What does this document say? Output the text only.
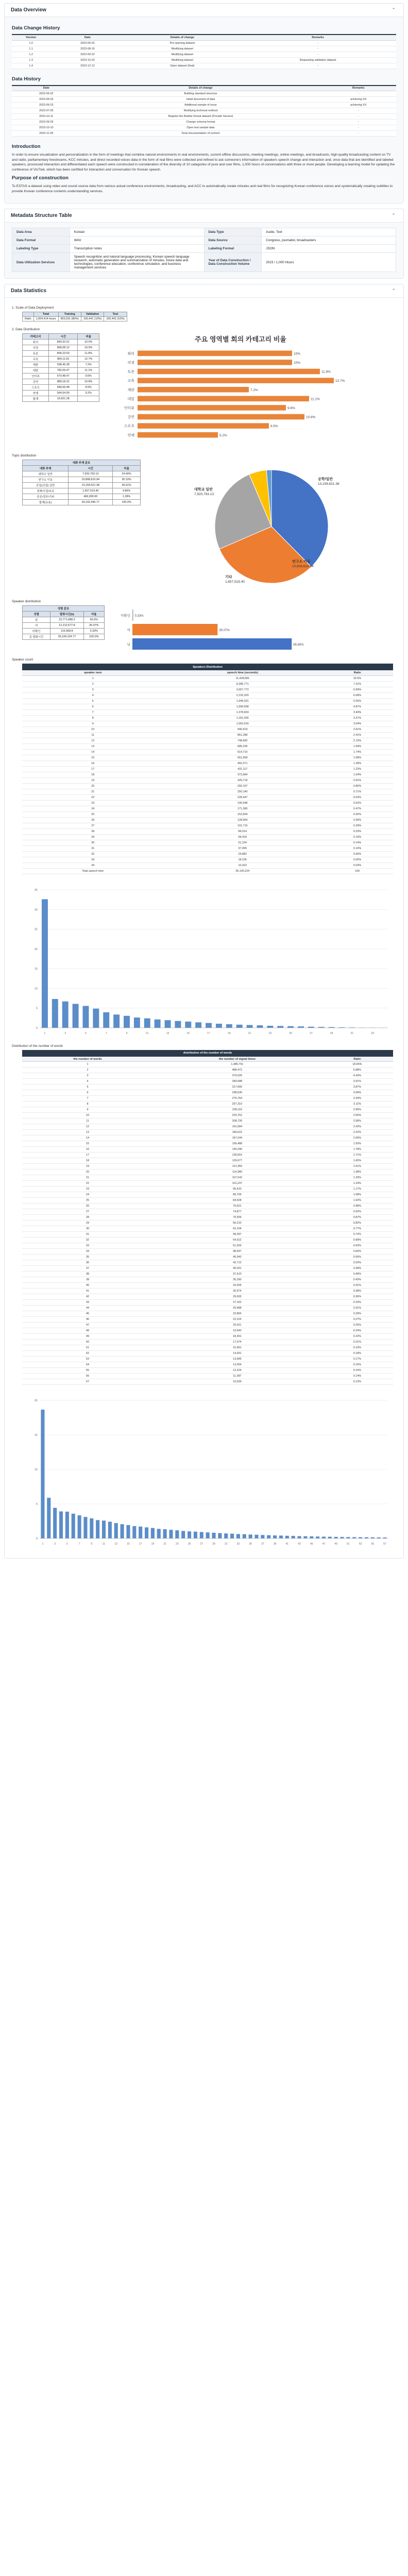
Data Overview	⌃
Data Change History
Version	Date	Details of change	Remarks
1.0	2023-05-02	Pre-opening dataset	-
1.1	2023-08-16	Modifying dataset	-
1.2	2023-09-22	Modifying dataset	-
1.3	2023-10-20	Modifying dataset	Requesting validation dataset
1.4	2023-12-12	Open dataset (final)	-
Data History
Date	Details of change	Remarks
2023-05-02	Building standard structure	-
2023-05-03	Initial document of data	achieving XX
2023-06-23	Additional sample of issue	achieving XX
2023-07-05	Modifying technical method	-
2023-10-11	Register the Bubble format dataset (Provide Service)	-
2023-09-29	Change schema format	-
2023-10-10	Open test sample data	-
2023-11-05	Final documentation of content	-
Introduction

In order to ensure visualization and personalization in the form of meetings that combine natural environments in real environments, current offline discussions, meeting meetings, online meetings, and broadcasts, high-quality broadcasting content on TV and radio, parliamentary livestreams, KCC minutes, and direct recorded voices data in the form of real films were collected and refined to ask someone's information of speakers speech change and interaction and, once data that are identified and labeled speakers, processed interaction and differentiated each speech were constructed in consideration of the diversity of 10 categories of pure and over films, 1,000 hours of conversations with three or more people. Developing a learning model for updating the conference of VisTrek, which has been certified for interaction and conversation for Korean speech.

Purpose of construction

To ESTAS a dataset using video and sound source data from various actual conference environments, broadcasting, and ACC to automatically create minutes and real films for recognizing Korean conference voices and systematically creating subtitles to provide Korean conference contents understanding services.

Metadata Structure Table	⌃
Data Area	Korean	Data Type	Audio, Text
Data Format	WAV	Data Source	Congress, journalist, broadcasters
Labeling Type	Transcription notes	Labeling Format	JSON
Data Utilization Services	Speech recognition and natural language processing, Korean speech language research, automatic generation and summarization of minutes, future data and technologies, conference education, conference simulation, and business management services	Year of Data Construction / Data Construction Volume	2023 / 1,000 Hours
Data Statistics	⌃
1. Scale of Data Deployment
	Total	Training	Validation	Test
Ratio	1,004,414 hours	803,531 (80%)	100,441 (10%)	100,442 (10%)
2. Data Distribution
카테고리	시간	비율
회의	840,32.01	10.0%
의정	899,08.12	10.0%
토론	804,23.53	11.8%
교육	864,11.81	12.7%
재판	538,45.28	7.2%
대담	782,09.47	11.1%
인터뷰	670,48.47	9.6%
강연	889,18.31	10.8%
스포츠	584,56.48	8.5%
연예	564,54.59	5.2%
합계	10,921.28	
주요 영역별 회의 카테고리 비율
회의	10%
의정	10%
토론	11.8%
교육	12.7%
재판	7.2%
대담	11.1%
인터뷰	9.6%
강연	10.8%
스포츠	8.5%
연예	5.2%
Topic distribution
대화 주제 분포		
대화 주제	시간	비율
대학교 일반	7,920,793.13	24.40%
연구소 이동	10,808,610.94	30.10%
공업(산업) 일반	13,159,621.38	36.61%
경제/사업/보유	1,657,519.40	4.86%
공공/정부/기타	466,090.00	1.39%
합계(유효)	34,102,946.77	100.0%
공학/일반
13,159,621.38
연구소 이동
10,808,610.94
대학교 일반
7,920,793.13
기타
1,657,519.40
Speaker distribution
성별 분포		
성별	발화시간(h)	비율
남	22,771,688.3	65.6%
여	12,212,577.8	35.07%
미확인	115,958.8	0.33%
총 발화시간	35,100,224.77	100.0%
미확인 0.33%
여	35.07%
남	65.60%
Speaker count
Speakers Distribution		
speaker num	speech time (seconds)	Ratio
1	11,428,681	32.6%
2	8,286,771	7.31%
3	3,057,772	6.69%
4	2,120,320	6.08%
5	1,946,931	5.55%
6	1,696,838	4.87%
7	1,378,824	3.94%
8	1,181,555	3.37%
9	1,063,916	3.04%
10	940,419	2.61%
11	851,288	2.41%
12	748,682	2.13%
13	685,235	1.94%
14	614,710	1.74%
15	551,969	1.58%
16	492,371	1.39%
17	431,117	1.23%
18	373,984	1.04%
19	326,719	0.91%
20	292,107	0.80%
21	250,140	0.71%
22	228,447	0.63%
23	190,548	0.52%
24	171,380	0.47%
25	152,604	0.42%
26	128,904	0.36%
27	101,715	0.29%
28	84,014	0.23%
29	68,418	0.19%
30	51,234	0.14%
31	37,095	0.10%
32	24,882	0.06%
33	18,105	0.05%
34	10,410	0.03%
Total speech time	35,100,224	100
0
5
10
15
20
25
30
35
1	3	5	7	9	11	13	15	17	19	21	23	25	27	29	31	33
Distribution of the number of words
distribution of the number of words		
the number of words	the number of signal items	Ratio
1	1,485,791	18.65%
2	488,472	5.88%
3	379,025	4.43%
4	349,588	3.91%
5	317,666	3.87%
6	298,530	3.58%
7	276,764	3.34%
8	257,310	3.11%
9	239,116	2.90%
10	220,752	2.65%
11	208,726	2.58%
12	191,584	2.42%
13	180,622	2.22%
14	167,044	2.06%
15	156,488	1.93%
16	145,290	1.78%
17	136,816	1.71%
18	129,077	1.60%
19	121,450	1.51%
20	114,380	1.38%
21	107,542	1.33%
22	101,237	1.24%
23	95,410	1.17%
24	89,706	1.08%
25	84,528	1.02%
26	79,621	0.98%
27	74,877	0.92%
28	70,506	0.87%
29	66,210	0.82%
30	62,104	0.77%
31	58,397	0.72%
32	54,912	0.68%
33	51,603	0.63%
34	48,497	0.60%
35	45,540	0.56%
36	42,712	0.53%
37	40,031	0.49%
38	37,610	0.46%
39	35,290	0.43%
40	33,005	0.41%
41	30,974	0.38%
42	29,003	0.36%
43	27,162	0.33%
44	25,488	0.31%
45	23,865	0.29%
46	22,315	0.27%
47	20,911	0.25%
48	19,540	0.24%
49	18,301	0.22%
50	17,074	0.21%
51	15,991	0.19%
52	14,931	0.18%
53	13,995	0.17%
54	13,054	0.16%
55	12,224	0.15%
56	11,387	0.14%
57	10,639	0.13%
0
5
10
15
20
1	3	5	7	9	11	13	15	17	19	21	23	25	27	29	31	33	35	37	39	41	43	45	47	49	51	53	55	57
